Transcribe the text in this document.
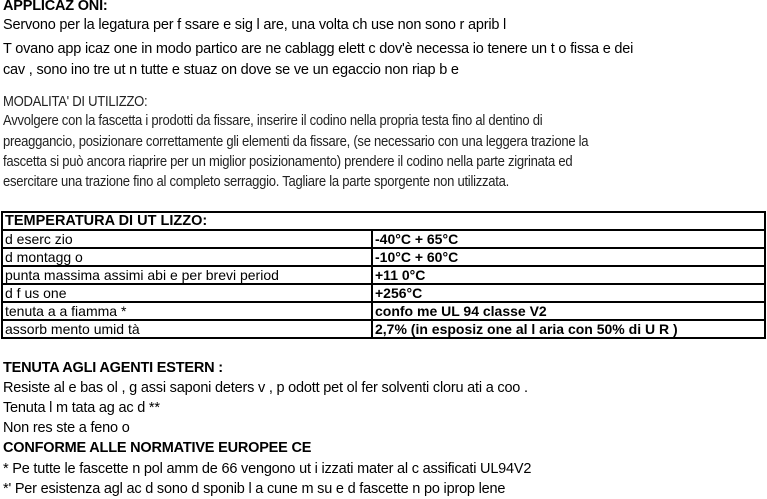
APPLICAZ ONI:
Servono per la legatura per f ssare e sig l are, una volta ch use non sono r aprib l
T ovano app icaz one in modo partico are ne cablagg elett c dov'è necessa io tenere un t o fissa e dei
cav , sono ino tre ut n tutte e stuaz on dove se ve un egaccio non riap b e
MODALITA' DI UTILIZZO:
Avvolgere con la fascetta i prodotti da fissare, inserire il codino nella propria testa fino al dentino di
preaggancio, posizionare correttamente gli elementi da fissare, (se necessario con una leggera trazione la
fascetta si può ancora riaprire per un miglior posizionamento) prendere il codino nella parte zigrinata ed
esercitare una trazione fino al completo serraggio. Tagliare la parte sporgente non utilizzata.
TEMPERATURA DI UT LIZZO:	
d eserc zio	-40°C + 65°C
d montagg o	-10°C + 60°C
punta massima assimi abi e per brevi period	+11 0°C
d f us one	+256°C
tenuta a a fiamma *	confo me UL 94 classe V2
assorb mento umid tà	2,7% (in esposiz one al l aria con 50% di U R )
TENUTA AGLI AGENTI ESTERN :
Resiste al e bas ol , g assi saponi deters v , p odott pet ol fer solventi cloru ati a coo .
Tenuta l m tata ag ac d **
Non res ste a feno o
CONFORME ALLE NORMATIVE EUROPEE CE
* Pe tutte le fascette n pol amm de 66 vengono ut i izzati mater al c assificati UL94V2
*' Per esistenza agl ac d sono d sponib l a cune m su e d fascette n po iprop lene
